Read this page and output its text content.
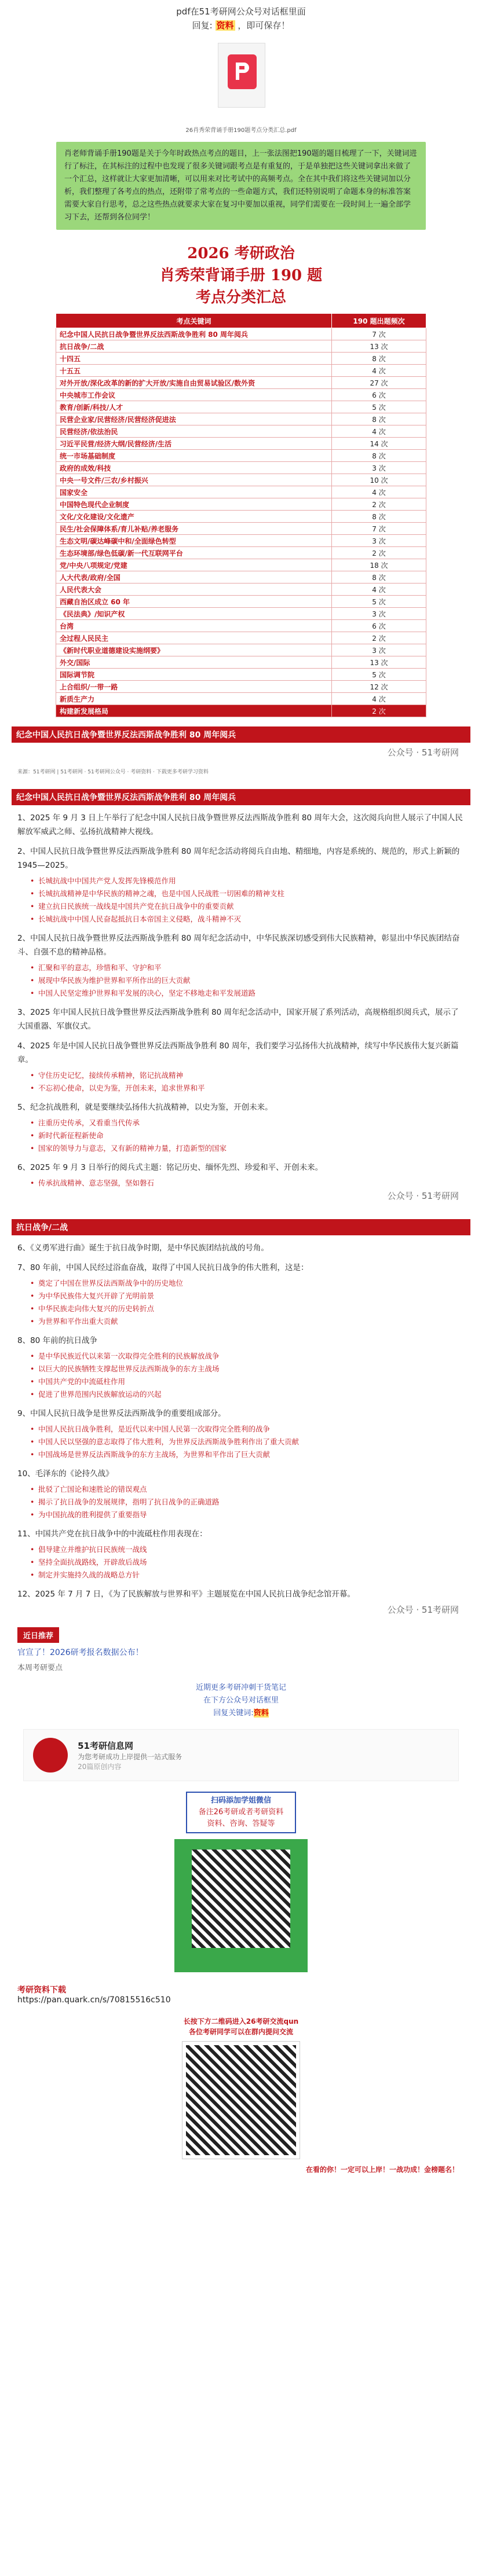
pdf在51考研网公众号对话框里面
回复: 资料 ，即可保存！
26肖秀荣背诵手册190题考点分类汇总.pdf
肖老师背诵手册190题是关于今年时政热点考点的题目，上一张法图把190题的题目梳理了一下，关键词进行了标注，在其标注的过程中也发现了很多关键词跟考点是有重复的，于是单独把这些关键词拿出来做了一个汇总，这样就让大家更加清晰，可以用来对比考试中的高频考点。全在其中我们将这些关键词加以分析，我们整理了各考点的热点，还附带了常考点的一些命题方式，我们还特别说明了命题本身的标准答案需要大家自行思考，总之这些热点就要求大家在复习中要加以重视，同学们需要在一段时间上一遍全部学习下去，还帮到各位同学！
2026 考研政治
肖秀荣背诵手册 190 题
考点分类汇总
考点关键词	190 题出题频次
纪念中国人民抗日战争暨世界反法西斯战争胜利 80 周年阅兵	7 次
抗日战争/二战	13 次
十四五	8 次
十五五	4 次
对外开放/深化改革的新的扩大开放/实施自由贸易试验区/数外资	27 次
中央城市工作会议	6 次
教育/创新/科技/人才	5 次
民营企业家/民营经济/民营经济促进法	8 次
民营经济/依法治民	4 次
习近平民营/经济大纲/民营经济/生活	14 次
统一市场基础制度	8 次
政府的成效/科技	3 次
中央一号文件/三农/乡村振兴	10 次
国家安全	4 次
中国特色现代企业制度	2 次
文化/文化建设/文化遗产	8 次
民生/社会保障体系/育儿补贴/养老服务	7 次
生态文明/碳达峰碳中和/全面绿色转型	3 次
生态环境部/绿色低碳/新一代互联网平台	2 次
党/中央八项规定/党建	18 次
人大代表/政府/全国	8 次
人民代表大会	4 次
西藏自治区成立 60 年	5 次
《民法典》/知识产权	3 次
台湾	6 次
全过程人民民主	2 次
《新时代职业道德建设实施纲要》	3 次
外交/国际	13 次
国际调节院	5 次
上合组织/一带一路	12 次
新质生产力	4 次
构建新发展格局	2 次
纪念中国人民抗日战争暨世界反法西斯战争胜利 80 周年阅兵
公众号 · 51考研网
来源：51考研网 | 51考研网 · 51考研网公众号 · 考研资料 · 下载更多考研学习资料
纪念中国人民抗日战争暨世界反法西斯战争胜利 80 周年阅兵

1、2025 年 9 月 3 日上午举行了纪念中国人民抗日战争暨世界反法西斯战争胜利 80 周年大会，这次阅兵向世人展示了中国人民解放军威武之师、弘扬抗战精神大视线。

2、中国人民抗日战争暨世界反法西斯战争胜利 80 周年纪念活动将阅兵自由地、精细地，内容是系统的、规范的，形式上新颖的1945—2025。

• 长城抗战中中国共产党人发挥先锋模范作用
• 长城抗战精神是中华民族的精神之魂，也是中国人民战胜一切困难的精神支柱
• 建立抗日民族统一战线是中国共产党在抗日战争中的重要贡献
• 长城抗战中中国人民奋起抵抗日本帝国主义侵略，战斗精神不灭

2、中国人民抗日战争暨世界反法西斯战争胜利 80 周年纪念活动中，中华民族深切感受到伟大民族精神，彰显出中华民族团结奋斗、自强不息的精神品格。

• 汇聚和平的意志，珍惜和平、守护和平
• 展现中华民族为维护世界和平所作出的巨大贡献
• 中国人民坚定维护世界和平发展的决心，坚定不移地走和平发展道路

3、2025 年中国人民抗日战争暨世界反法西斯战争胜利 80 周年纪念活动中，国家开展了系列活动，高规格组织阅兵式，展示了大国重器、军旗仪式。

4、2025 年是中国人民抗日战争暨世界反法西斯战争胜利 80 周年，我们要学习弘扬伟大抗战精神，续写中华民族伟大复兴新篇章。

• 守住历史记忆，接续传承精神，铭记抗战精神
• 不忘初心使命，以史为鉴，开创未来，追求世界和平

5、纪念抗战胜利，就是要继续弘扬伟大抗战精神，以史为鉴，开创未来。

• 注重历史传承，又看重当代传承
• 新时代新征程新使命
• 国家的领导力与意志，又有新的精神力量，打造新型的国家

6、2025 年 9 月 3 日举行的阅兵式主题：铭记历史、缅怀先烈、珍爱和平、开创未来。

• 传承抗战精神、意志坚强，坚如磐石
公众号 · 51考研网
抗日战争/二战

6、《义勇军进行曲》诞生于抗日战争时期，是中华民族团结抗战的号角。

7、80 年前，中国人民经过浴血奋战，取得了中国人民抗日战争的伟大胜利，这是：

• 奠定了中国在世界反法西斯战争中的历史地位
• 为中华民族伟大复兴开辟了光明前景
• 中华民族走向伟大复兴的历史转折点
• 为世界和平作出重大贡献

8、80 年前的抗日战争

• 是中华民族近代以来第一次取得完全胜利的民族解放战争
• 以巨大的民族牺牲支撑起世界反法西斯战争的东方主战场
• 中国共产党的中流砥柱作用
• 促进了世界范围内民族解放运动的兴起

9、中国人民抗日战争是世界反法西斯战争的重要组成部分。

• 中国人民抗日战争胜利，是近代以来中国人民第一次取得完全胜利的战争
• 中国人民以坚强的意志取得了伟大胜利，为世界反法西斯战争胜利作出了重大贡献
• 中国战场是世界反法西斯战争的东方主战场，为世界和平作出了巨大贡献

10、毛泽东的《论持久战》

• 批驳了亡国论和速胜论的错误观点
• 揭示了抗日战争的发展规律，指明了抗日战争的正确道路
• 为中国抗战的胜利提供了重要指导

11、中国共产党在抗日战争中的中流砥柱作用表现在：

• 倡导建立并维护抗日民族统一战线
• 坚持全面抗战路线，开辟敌后战场
• 制定并实施持久战的战略总方针

12、2025 年 7 月 7 日，《为了民族解放与世界和平》主题展览在中国人民抗日战争纪念馆开幕。

公众号 · 51考研网
近日推荐
官宣了！2026研考报名数据公布！
本周考研要点
近期更多考研冲刺干货笔记
在下方公众号对话框里
回复关键词:资料

51考研信息网
为您考研成功上岸提供一站式服务
20篇原创内容
扫码添加学姐微信
备注26考研或者考研资料
资料、咨询、答疑等
考研资料下载
https://pan.quark.cn/s/70815516c510
长按下方二维码进入26考研交流qun
各位考研同学可以在群内提问交流
在看的你！一定可以上岸！一战功成！金榜题名！
